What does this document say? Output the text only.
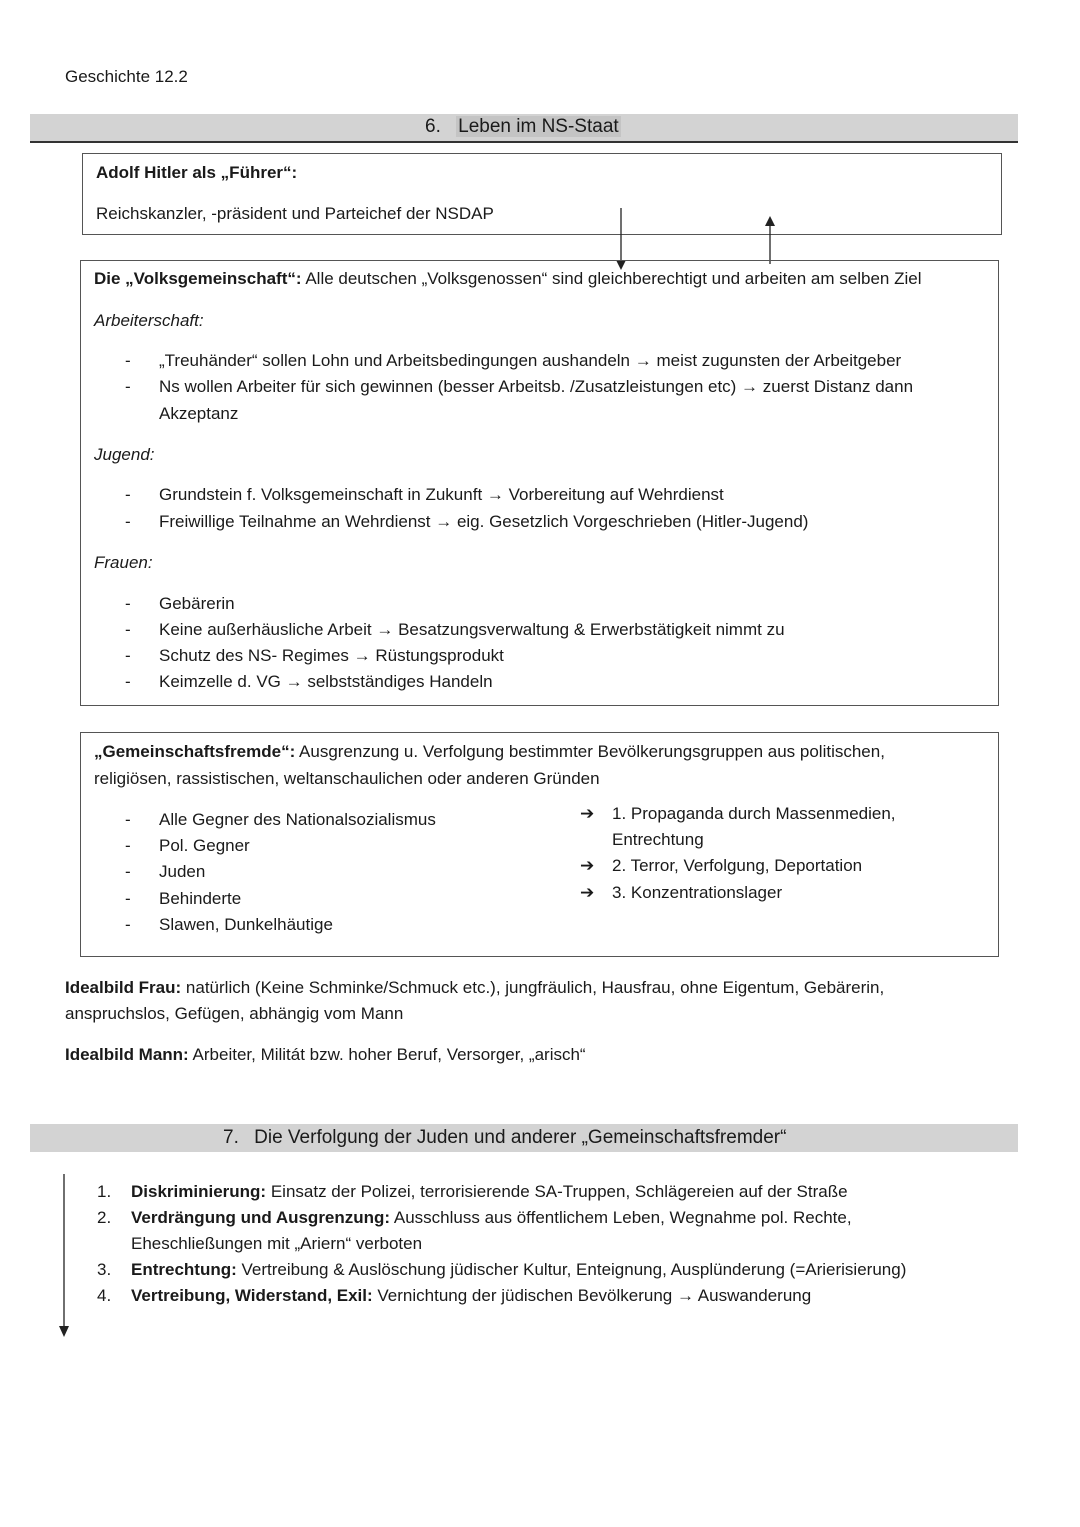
Geschichte 12.2
6. Leben im NS-Staat
Adolf Hitler als „Führer“:
Reichskanzler, -präsident und Parteichef der NSDAP
Die „Volksgemeinschaft“: Alle deutschen „Volksgenossen“ sind gleichberechtigt und arbeiten am selben Ziel
Arbeiterschaft:
- „Treuhänder“ sollen Lohn und Arbeitsbedingungen aushandeln → meist zugunsten der Arbeitgeber
- Ns wollen Arbeiter für sich gewinnen (besser Arbeitsb. /Zusatzleistungen etc) → zuerst Distanz dann
Akzeptanz
Jugend:
- Grundstein f. Volksgemeinschaft in Zukunft → Vorbereitung auf Wehrdienst
- Freiwillige Teilnahme an Wehrdienst → eig. Gesetzlich Vorgeschrieben (Hitler-Jugend)
Frauen:
- Gebärerin
- Keine außerhäusliche Arbeit → Besatzungsverwaltung & Erwerbstätigkeit nimmt zu
- Schutz des NS- Regimes → Rüstungsprodukt
- Keimzelle d. VG → selbstständiges Handeln
„Gemeinschaftsfremde“: Ausgrenzung u. Verfolgung bestimmter Bevölkerungsgruppen aus politischen,
religiösen, rassistischen, weltanschaulichen oder anderen Gründen
- Alle Gegner des Nationalsozialismus
- Pol. Gegner
- Juden
- Behinderte
- Slawen, Dunkelhäutige
➔ 1. Propaganda durch Massenmedien,
Entrechtung
➔ 2. Terror, Verfolgung, Deportation
➔ 3. Konzentrationslager
Idealbild Frau: natürlich (Keine Schminke/Schmuck etc.), jungfräulich, Hausfrau, ohne Eigentum, Gebärerin,
anspruchslos, Gefügen, abhängig vom Mann
Idealbild Mann: Arbeiter, Militát bzw. hoher Beruf, Versorger, „arisch“
7. Die Verfolgung der Juden und anderer „Gemeinschaftsfremder“
1. Diskriminierung: Einsatz der Polizei, terrorisierende SA-Truppen, Schlägereien auf der Straße
2. Verdrängung und Ausgrenzung: Ausschluss aus öffentlichem Leben, Wegnahme pol. Rechte,
Eheschließungen mit „Ariern“ verboten
3. Entrechtung: Vertreibung & Auslöschung jüdischer Kultur, Enteignung, Ausplünderung (=Arierisierung)
4. Vertreibung, Widerstand, Exil: Vernichtung der jüdischen Bevölkerung → Auswanderung
